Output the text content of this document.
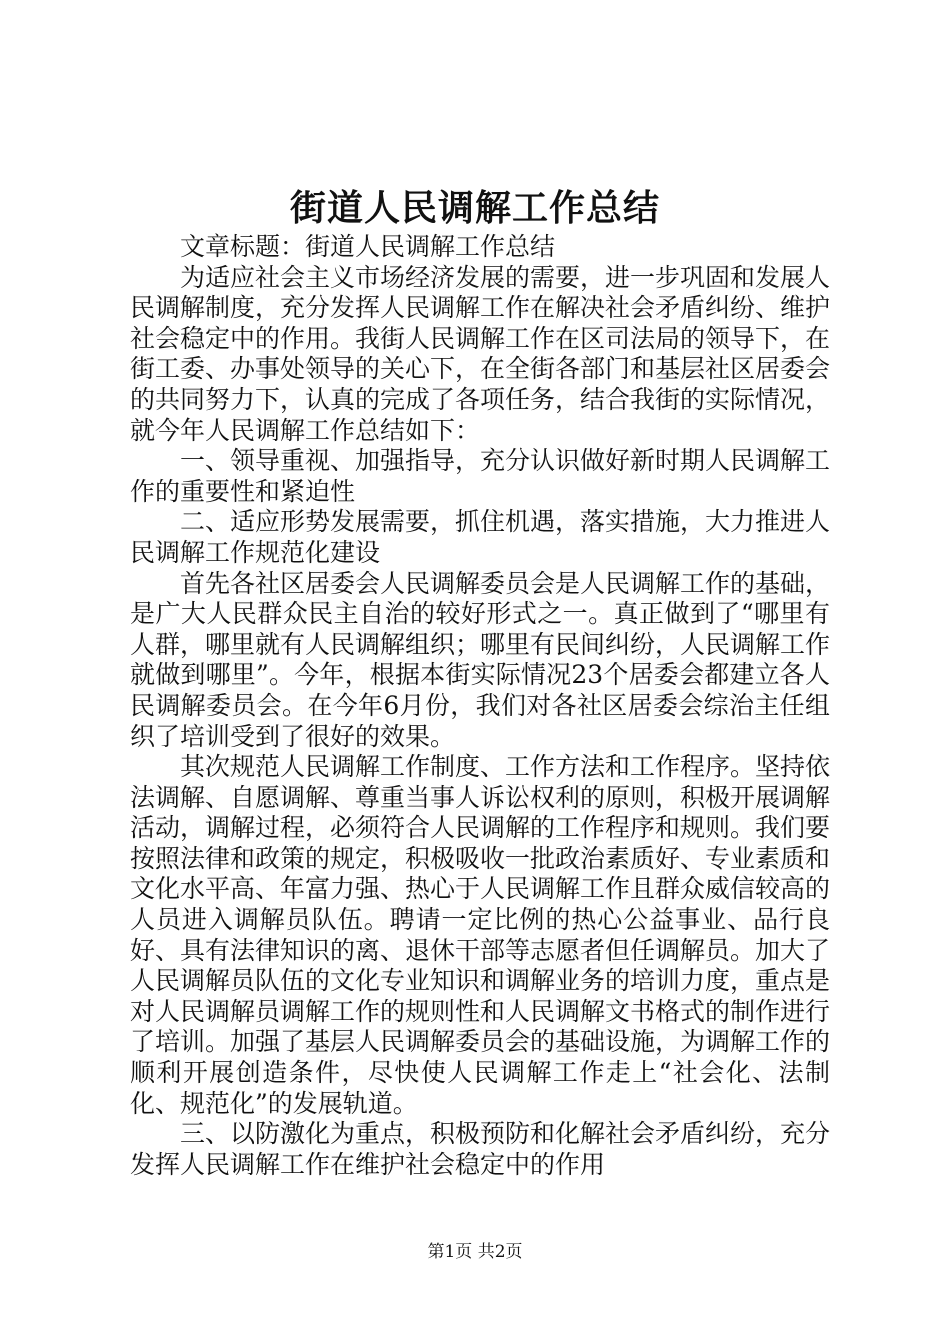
街道人民调解工作总结

文章标题：街道人民调解工作总结

为适应社会主义市场经济发展的需要，进一步巩固和发展人民调解制度，充分发挥人民调解工作在解决社会矛盾纠纷、维护社会稳定中的作用。我街人民调解工作在区司法局的领导下，在街工委、办事处领导的关心下，在全街各部门和基层社区居委会的共同努力下，认真的完成了各项任务，结合我街的实际情况，就今年人民调解工作总结如下：

一、领导重视、加强指导，充分认识做好新时期人民调解工作的重要性和紧迫性

二、适应形势发展需要，抓住机遇，落实措施，大力推进人民调解工作规范化建设

首先各社区居委会人民调解委员会是人民调解工作的基础，是广大人民群众民主自治的较好形式之一。真正做到了“哪里有人群，哪里就有人民调解组织；哪里有民间纠纷，人民调解工作就做到哪里”。今年，根据本街实际情况23个居委会都建立各人民调解委员会。在今年6月份，我们对各社区居委会综治主任组织了培训受到了很好的效果。

其次规范人民调解工作制度、工作方法和工作程序。坚持依法调解、自愿调解、尊重当事人诉讼权利的原则，积极开展调解活动，调解过程，必须符合人民调解的工作程序和规则。我们要按照法律和政策的规定，积极吸收一批政治素质好、专业素质和文化水平高、年富力强、热心于人民调解工作且群众威信较高的人员进入调解员队伍。聘请一定比例的热心公益事业、品行良好、具有法律知识的离、退休干部等志愿者但任调解员。加大了人民调解员队伍的文化专业知识和调解业务的培训力度，重点是对人民调解员调解工作的规则性和人民调解文书格式的制作进行了培训。加强了基层人民调解委员会的基础设施，为调解工作的顺利开展创造条件，尽快使人民调解工作走上“社会化、法制化、规范化”的发展轨道。

三、以防激化为重点，积极预防和化解社会矛盾纠纷，充分发挥人民调解工作在维护社会稳定中的作用

第1页 共2页
